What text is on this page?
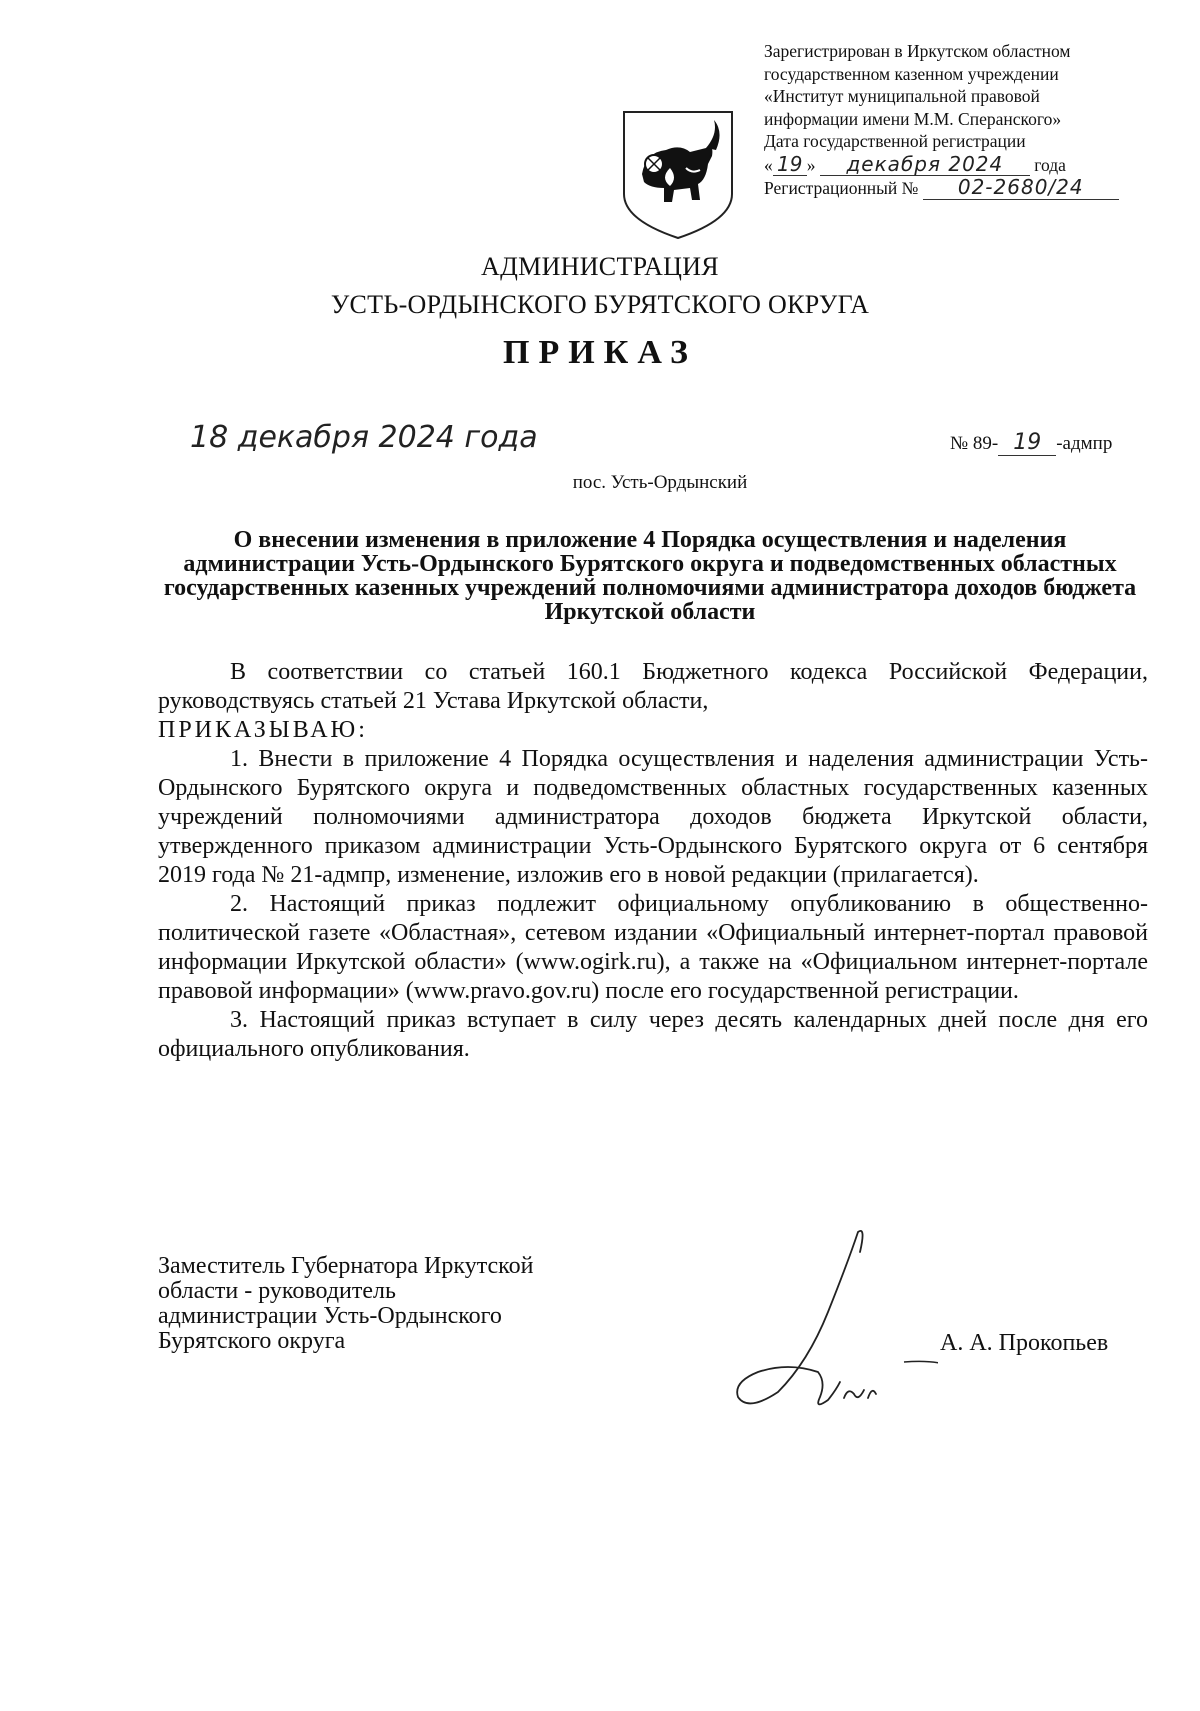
Зарегистрирован в Иркутском областном
государственном казенном учреждении
«Институт муниципальной правовой
информации имени М.М. Сперанского»
Дата государственной регистрации
« 19 » декабря 2024 года
Регистрационный № 02-2680/24
АДМИНИСТРАЦИЯ
УСТЬ-ОРДЫНСКОГО БУРЯТСКОГО ОКРУГА
ПРИКАЗ
18 декабря 2024 года	№ 89- 19 -адмпр
пос. Усть-Ордынский
О внесении изменения в приложение 4 Порядка осуществления и наделения администрации Усть-Ордынского Бурятского округа и подведомственных областных государственных казенных учреждений полномочиями администратора доходов бюджета Иркутской области

В соответствии со статьей 160.1 Бюджетного кодекса Российской Федерации, руководствуясь статьей 21 Устава Иркутской области,

ПРИКАЗЫВАЮ:

1. Внести в приложение 4 Порядка осуществления и наделения администрации Усть-Ордынского Бурятского округа и подведомственных областных государственных казенных учреждений полномочиями администратора доходов бюджета Иркутской области, утвержденного приказом администрации Усть-Ордынского Бурятского округа от 6 сентября 2019 года № 21-адмпр, изменение, изложив его в новой редакции (прилагается).

2. Настоящий приказ подлежит официальному опубликованию в общественно-политической газете «Областная», сетевом издании «Официальный интернет-портал правовой информации Иркутской области» (www.ogirk.ru), а также на «Официальном интернет-портале правовой информации» (www.pravo.gov.ru) после его государственной регистрации.

3. Настоящий приказ вступает в силу через десять календарных дней после дня его официального опубликования.

Заместитель Губернатора Иркутской
области - руководитель
администрации Усть-Ордынского
Бурятского округа	А. А. Прокопьев
